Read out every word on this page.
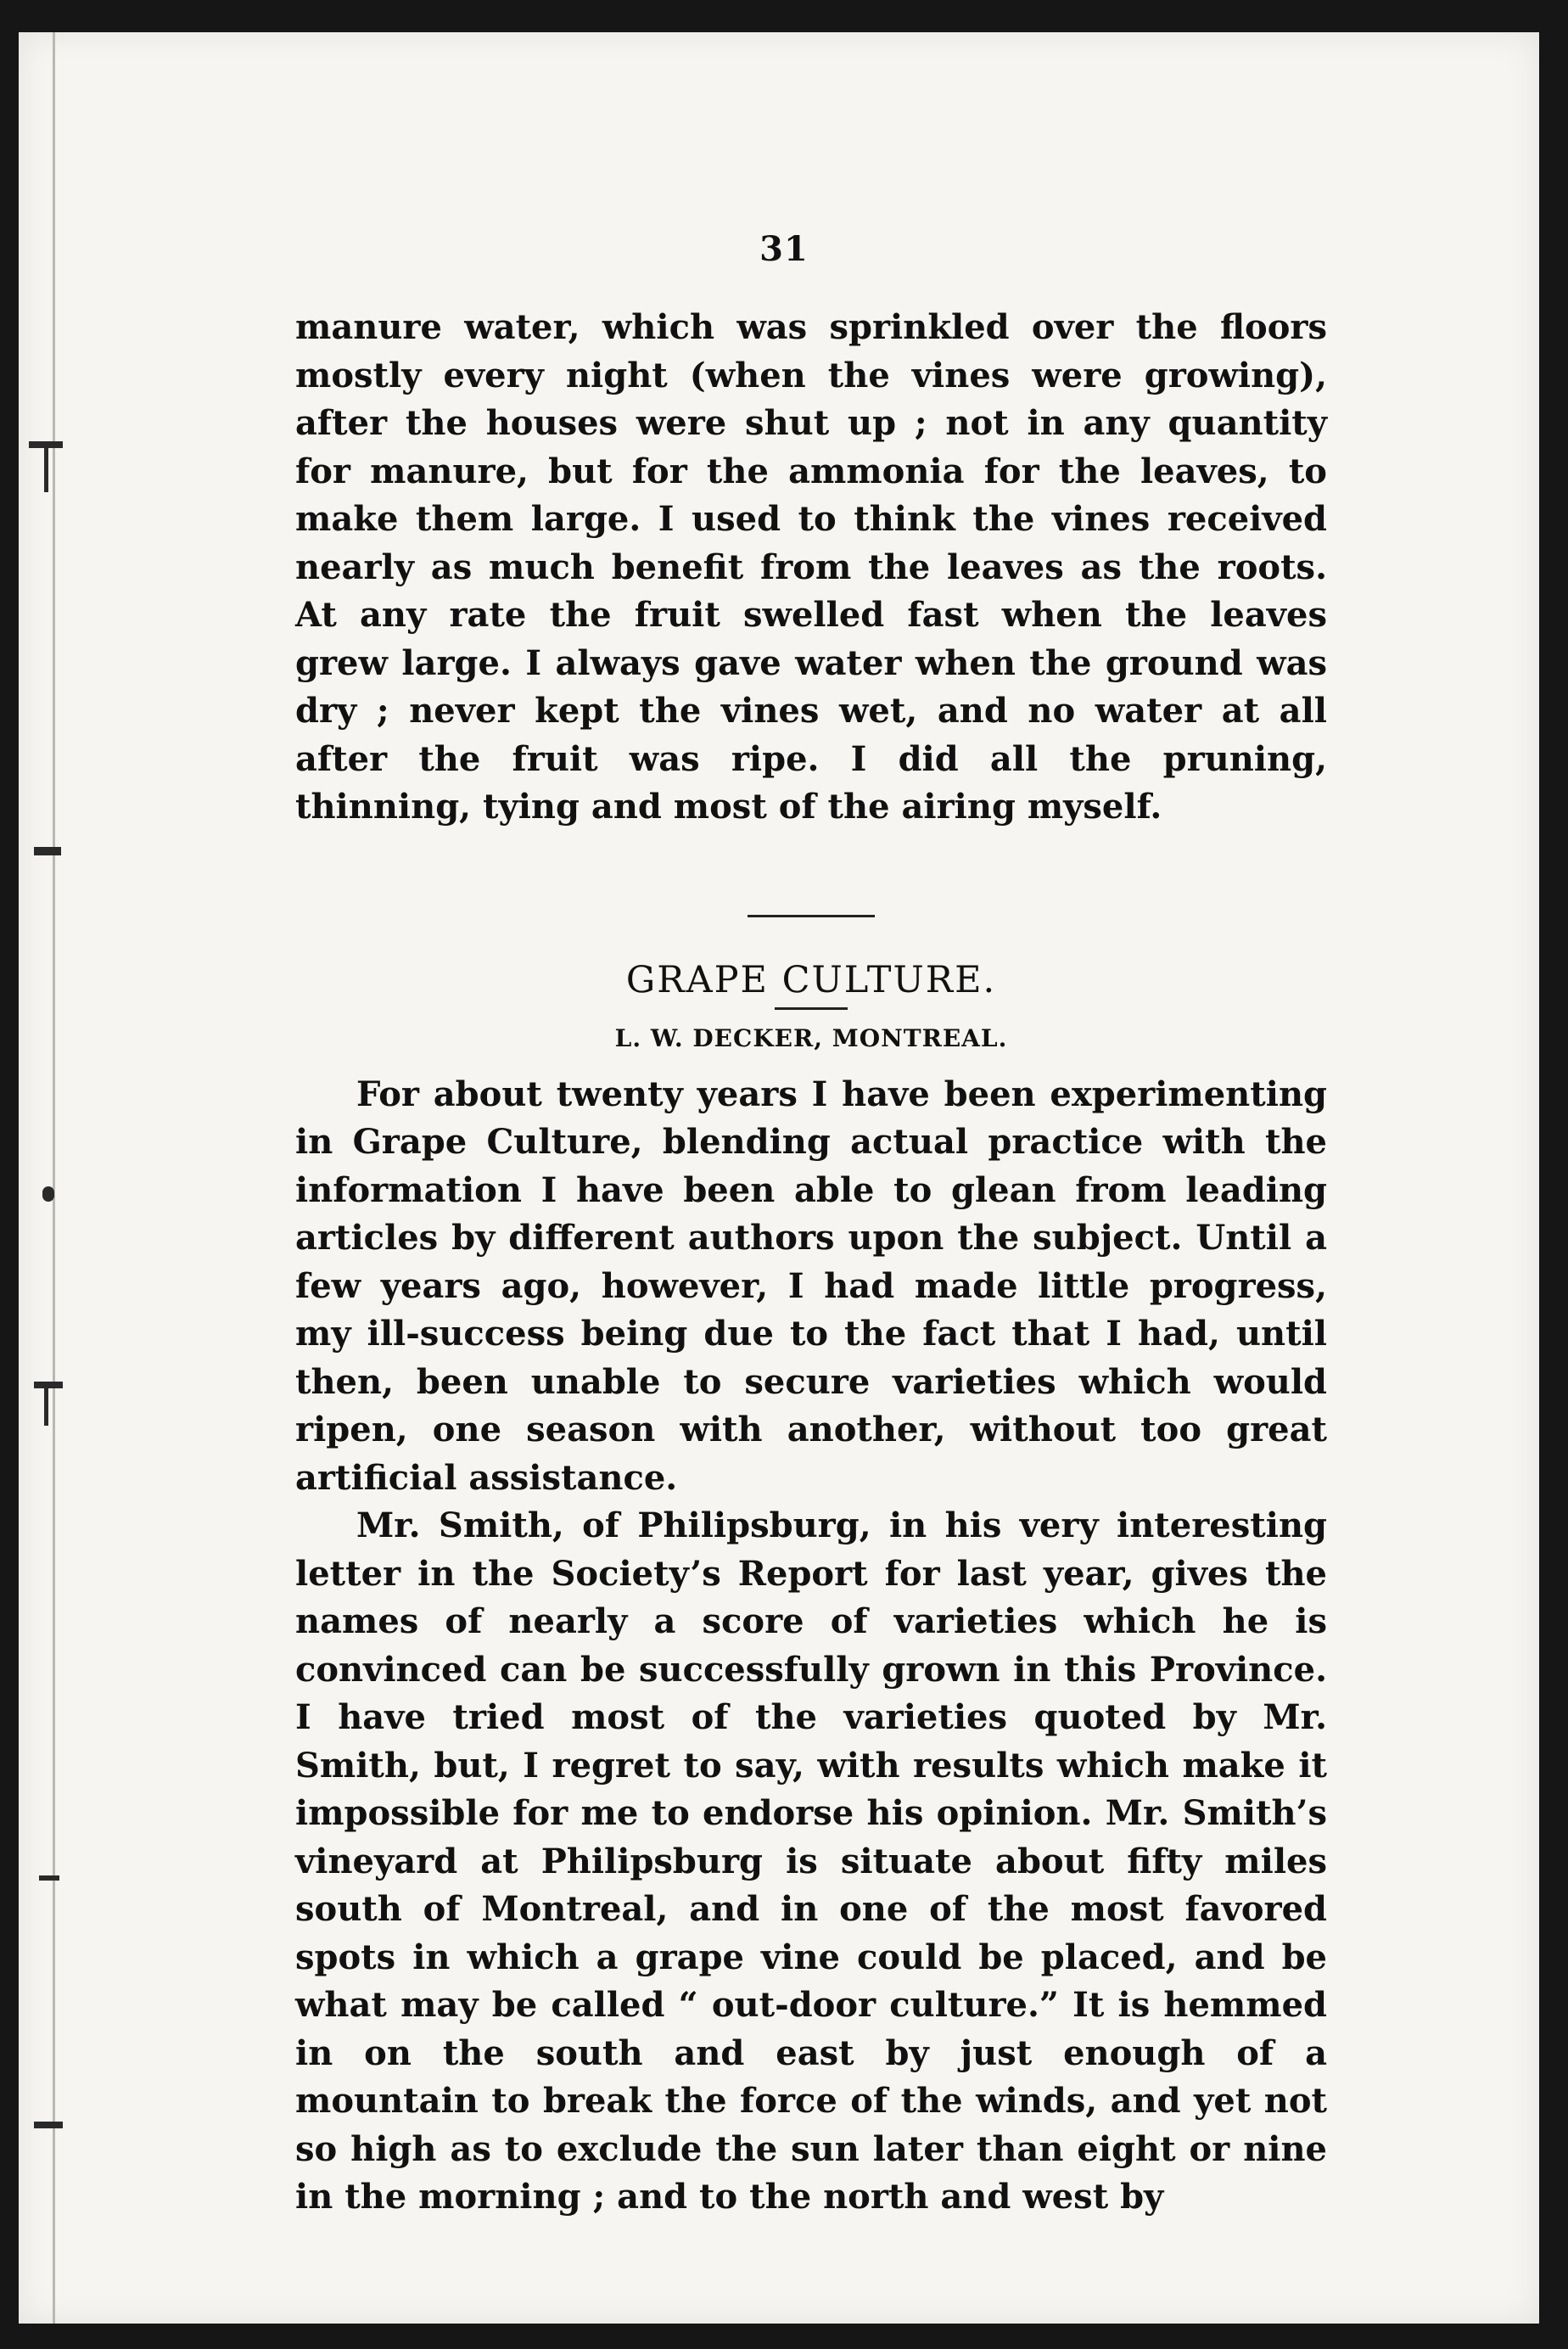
31

manure water, which was sprinkled over the floors mostly every night (when the vines were growing), after the houses were shut up ; not in any quantity for manure, but for the ammonia for the leaves, to make them large. I used to think the vines received nearly as much benefit from the leaves as the roots. At any rate the fruit swelled fast when the leaves grew large. I always gave water when the ground was dry ; never kept the vines wet, and no water at all after the fruit was ripe. I did all the pruning, thinning, tying and most of the airing myself.

GRAPE CULTURE.
L. W. DECKER, MONTREAL.

For about twenty years I have been experimenting in Grape Culture, blending actual practice with the information I have been able to glean from leading articles by different authors upon the subject. Until a few years ago, however, I had made little progress, my ill-success being due to the fact that I had, until then, been unable to secure varieties which would ripen, one season with another, without too great artificial assistance.

Mr. Smith, of Philipsburg, in his very interesting letter in the Society’s Report for last year, gives the names of nearly a score of varieties which he is convinced can be successfully grown in this Province. I have tried most of the varieties quoted by Mr. Smith, but, I regret to say, with results which make it impossible for me to endorse his opinion. Mr. Smith’s vineyard at Philipsburg is situate about fifty miles south of Montreal, and in one of the most favored spots in which a grape vine could be placed, and be what may be called “ out-door culture.” It is hemmed in on the south and east by just enough of a mountain to break the force of the winds, and yet not so high as to exclude the sun later than eight or nine in the morning ; and to the north and west by
